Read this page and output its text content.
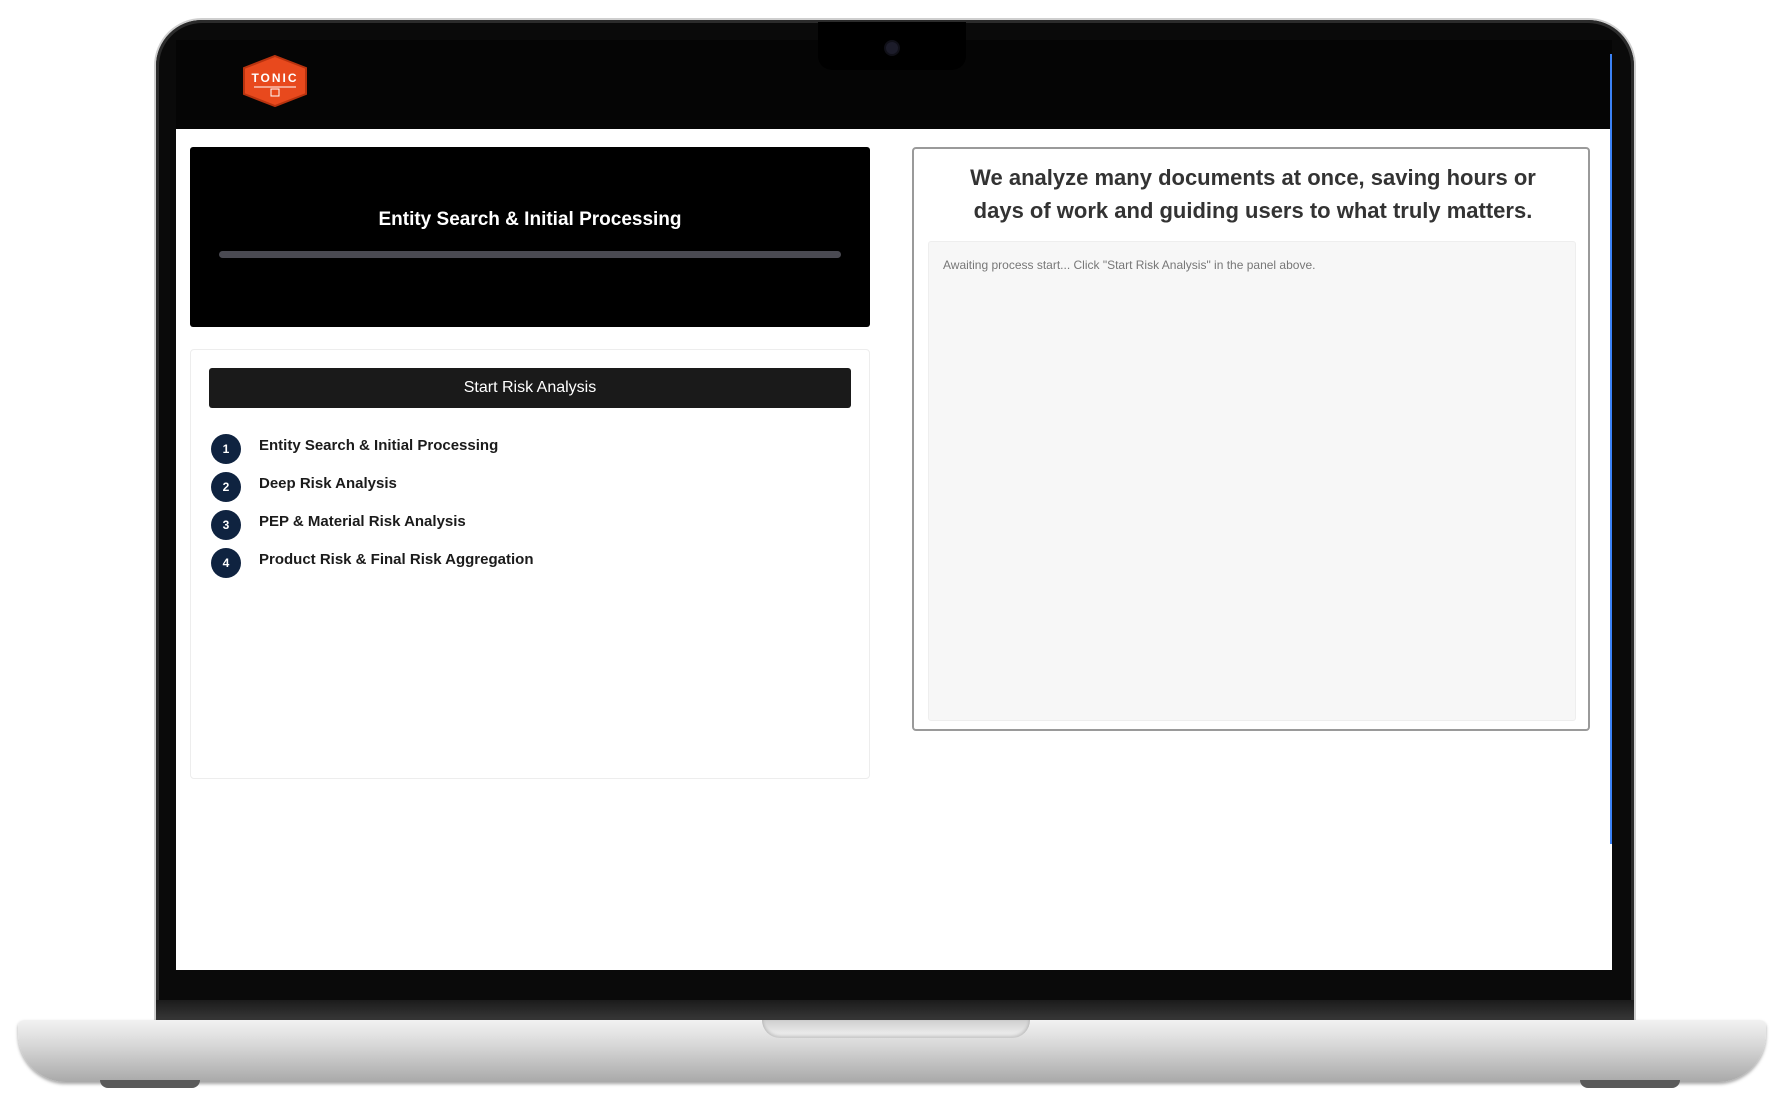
TONIC
Entity Search & Initial Processing
Start Risk Analysis
1	Entity Search & Initial Processing
2	Deep Risk Analysis
3	PEP & Material Risk Analysis
4	Product Risk & Final Risk Aggregation
We analyze many documents at once, saving hours or days of work and guiding users to what truly matters.
Awaiting process start... Click "Start Risk Analysis" in the panel above.
